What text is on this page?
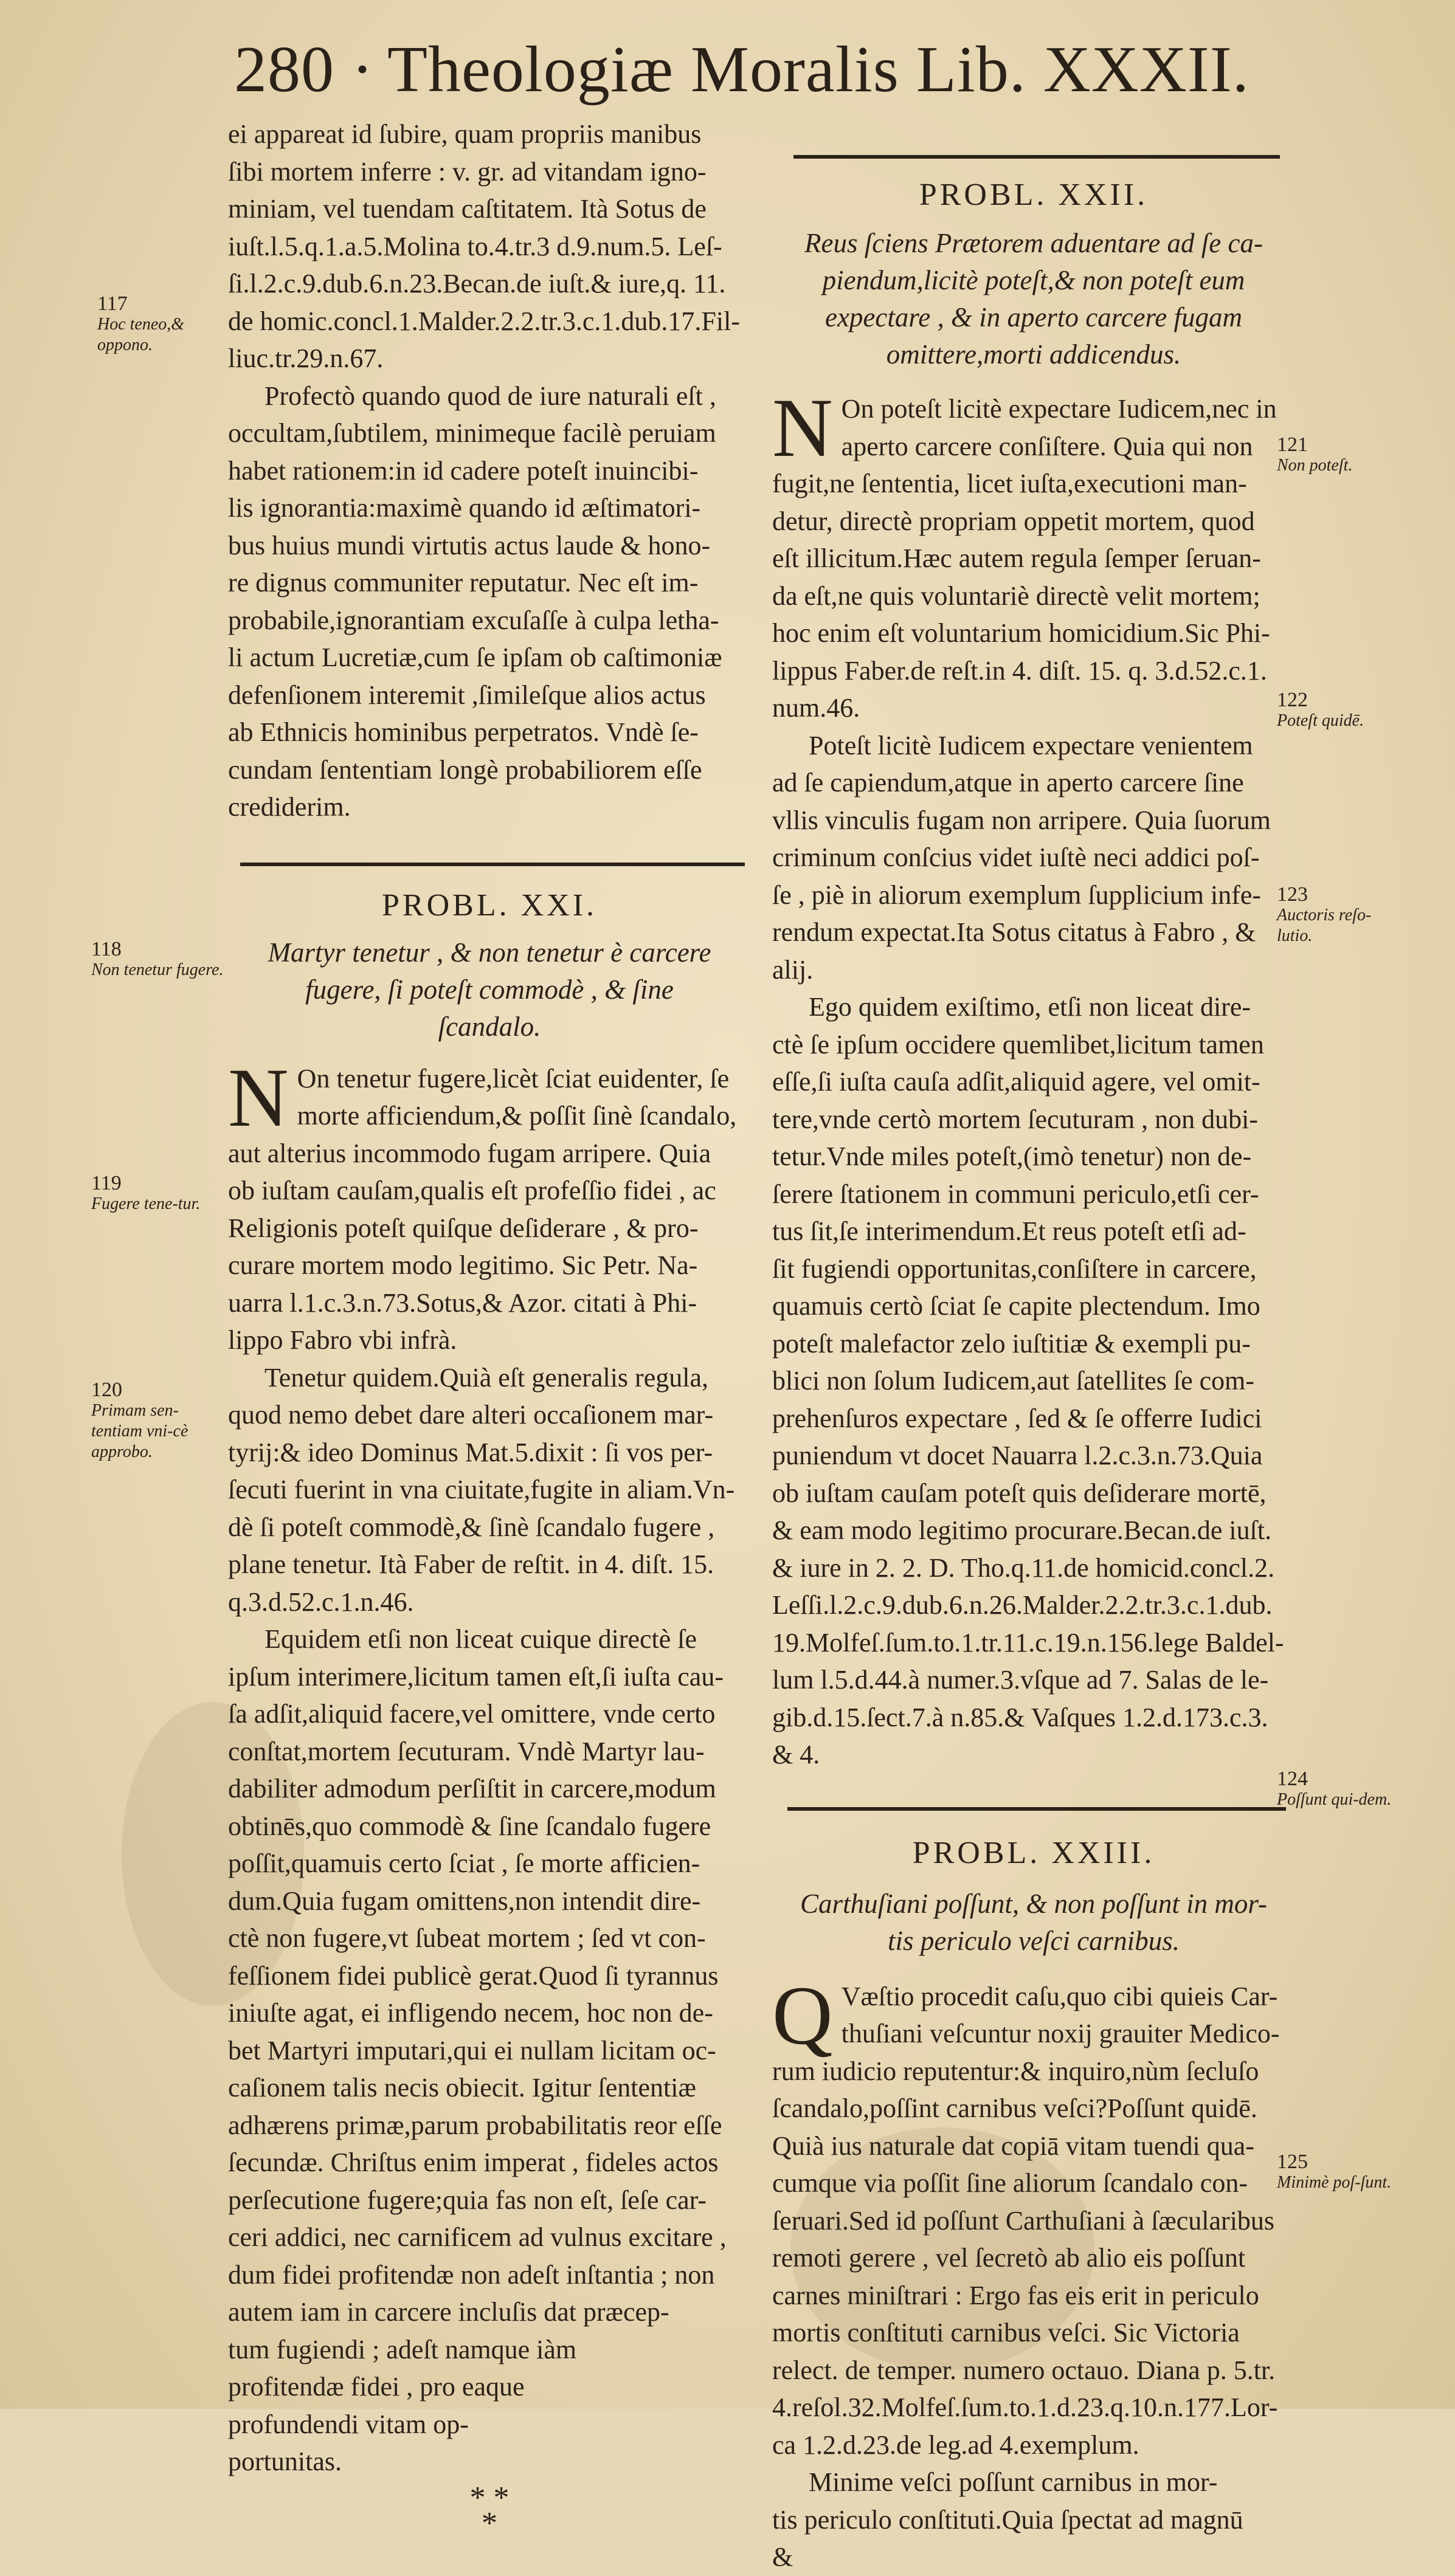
280 · Theologiæ Moralis Lib. XXXII.

ei appareat id ſubire, quam propriis manibus

ſibi mortem inferre : v. gr. ad vitandam igno-

miniam, vel tuendam caſtitatem. Ità Sotus de

iuſt.l.5.q.1.a.5.Molina to.4.tr.3 d.9.num.5. Leſ-

ſi.l.2.c.9.dub.6.n.23.Becan.de iuſt.& iure,q. 11.

de homic.concl.1.Malder.2.2.tr.3.c.1.dub.17.Fil-

liuc.tr.29.n.67.

Profectò quando quod de iure naturali eſt ,

occultam,ſubtilem, minimeque facilè peruiam

habet rationem:in id cadere poteſt inuincibi-

lis ignorantia:maximè quando id æſtimatori-

bus huius mundi virtutis actus laude & hono-

re dignus communiter reputatur. Nec eſt im-

probabile,ignorantiam excuſaſſe à culpa letha-

li actum Lucretiæ,cum ſe ipſam ob caſtimoniæ

defenſionem interemit ,ſimileſque alios actus

ab Ethnicis hominibus perpetratos. Vndè ſe-

cundam ſententiam longè probabiliorem eſſe

crediderim.

PROBL. XXI.

Martyr tenetur , & non tenetur è carcere

fugere, ſi poteſt commodè , & ſine

ſcandalo.

N On tenetur fugere,licèt ſciat euidenter, ſe

morte afficiendum,& poſſit ſinè ſcandalo,

aut alterius incommodo fugam arripere. Quia

ob iuſtam cauſam,qualis eſt profeſſio fidei , ac

Religionis poteſt quiſque deſiderare , & pro-

curare mortem modo legitimo. Sic Petr. Na-

uarra l.1.c.3.n.73.Sotus,& Azor. citati à Phi-

lippo Fabro vbi infrà.

Tenetur quidem.Quià eſt generalis regula,

quod nemo debet dare alteri occaſionem mar-

tyrij:& ideo Dominus Mat.5.dixit : ſi vos per-

ſecuti fuerint in vna ciuitate,fugite in aliam.Vn-

dè ſi poteſt commodè,& ſinè ſcandalo fugere ,

plane tenetur. Ità Faber de reſtit. in 4. diſt. 15.

q.3.d.52.c.1.n.46.

Equidem etſi non liceat cuique directè ſe

ipſum interimere,licitum tamen eſt,ſi iuſta cau-

ſa adſit,aliquid facere,vel omittere, vnde certo

conſtat,mortem ſecuturam. Vndè Martyr lau-

dabiliter admodum perſiſtit in carcere,modum

obtinēs,quo commodè & ſine ſcandalo fugere

poſſit,quamuis certo ſciat , ſe morte afficien-

dum.Quia fugam omittens,non intendit dire-

ctè non fugere,vt ſubeat mortem ; ſed vt con-

feſſionem fidei publicè gerat.Quod ſi tyrannus

iniuſte agat, ei infligendo necem, hoc non de-

bet Martyri imputari,qui ei nullam licitam oc-

caſionem talis necis obiecit. Igitur ſententiæ

adhærens primæ,parum probabilitatis reor eſſe

ſecundæ. Chriſtus enim imperat , fideles actos

perſecutione fugere;quia fas non eſt, ſeſe car-

ceri addici, nec carnificem ad vulnus excitare ,

dum fidei profitendæ non adeſt inſtantia ; non

autem iam in carcere incluſis dat præcep-

tum fugiendi ; adeſt namque iàm

profitendæ fidei , pro eaque

profundendi vitam op-

portunitas.

* *
*
PROBL. XXII.

Reus ſciens Prætorem aduentare ad ſe ca-

piendum,licitè poteſt,& non poteſt eum

expectare , & in aperto carcere fugam

omittere,morti addicendus.

N On poteſt licitè expectare Iudicem,nec in

aperto carcere conſiſtere. Quia qui non

fugit,ne ſententia, licet iuſta,executioni man-

detur, directè propriam oppetit mortem, quod

eſt illicitum.Hæc autem regula ſemper ſeruan-

da eſt,ne quis voluntariè directè velit mortem;

hoc enim eſt voluntarium homicidium.Sic Phi-

lippus Faber.de reſt.in 4. diſt. 15. q. 3.d.52.c.1.

num.46.

Poteſt licitè Iudicem expectare venientem

ad ſe capiendum,atque in aperto carcere ſine

vllis vinculis fugam non arripere. Quia ſuorum

criminum conſcius videt iuſtè neci addici poſ-

ſe , piè in aliorum exemplum ſupplicium infe-

rendum expectat.Ita Sotus citatus à Fabro , &

alij.

Ego quidem exiſtimo, etſi non liceat dire-

ctè ſe ipſum occidere quemlibet,licitum tamen

eſſe,ſi iuſta cauſa adſit,aliquid agere, vel omit-

tere,vnde certò mortem ſecuturam , non dubi-

tetur.Vnde miles poteſt,(imò tenetur) non de-

ſerere ſtationem in communi periculo,etſi cer-

tus ſit,ſe interimendum.Et reus poteſt etſi ad-

ſit fugiendi opportunitas,conſiſtere in carcere,

quamuis certò ſciat ſe capite plectendum. Imo

poteſt malefactor zelo iuſtitiæ & exempli pu-

blici non ſolum Iudicem,aut ſatellites ſe com-

prehenſuros expectare , ſed & ſe offerre Iudici

puniendum vt docet Nauarra l.2.c.3.n.73.Quia

ob iuſtam cauſam poteſt quis deſiderare mortē,

& eam modo legitimo procurare.Becan.de iuſt.

& iure in 2. 2. D. Tho.q.11.de homicid.concl.2.

Leſſi.l.2.c.9.dub.6.n.26.Malder.2.2.tr.3.c.1.dub.

19.Molfeſ.ſum.to.1.tr.11.c.19.n.156.lege Baldel-

lum l.5.d.44.à numer.3.vſque ad 7. Salas de le-

gib.d.15.ſect.7.à n.85.& Vaſques 1.2.d.173.c.3.

& 4.

PROBL. XXIII.

Carthuſiani poſſunt, & non poſſunt in mor-

tis periculo veſci carnibus.

Q Væſtio procedit caſu,quo cibi quieis Car-

thuſiani veſcuntur noxij grauiter Medico-

rum iudicio reputentur:& inquiro,nùm ſecluſo

ſcandalo,poſſint carnibus veſci?Poſſunt quidē.

Quià ius naturale dat copiā vitam tuendi qua-

cumque via poſſit ſine aliorum ſcandalo con-

ſeruari.Sed id poſſunt Carthuſiani à ſæcularibus

remoti gerere , vel ſecretò ab alio eis poſſunt

carnes miniſtrari : Ergo fas eis erit in periculo

mortis conſtituti carnibus veſci. Sic Victoria

relect. de temper. numero octauo. Diana p. 5.tr.

4.reſol.32.Molfeſ.ſum.to.1.d.23.q.10.n.177.Lor-

ca 1.2.d.23.de leg.ad 4.exemplum.

Minime veſci poſſunt carnibus in mor-

tis periculo conſtituti.Quia ſpectat ad magnū

&

117
Hoc teneo,& oppono.
118
Non tenetur fugere.
119
Fugere tene-tur.
120
Primam sen-tentiam vni-cè approbo.
121
Non poteſt.
122
Poteſt quidē.
123
Auctoris reſo-lutio.
124
Poſſunt qui-dem.
125
Minimè poſ-ſunt.
